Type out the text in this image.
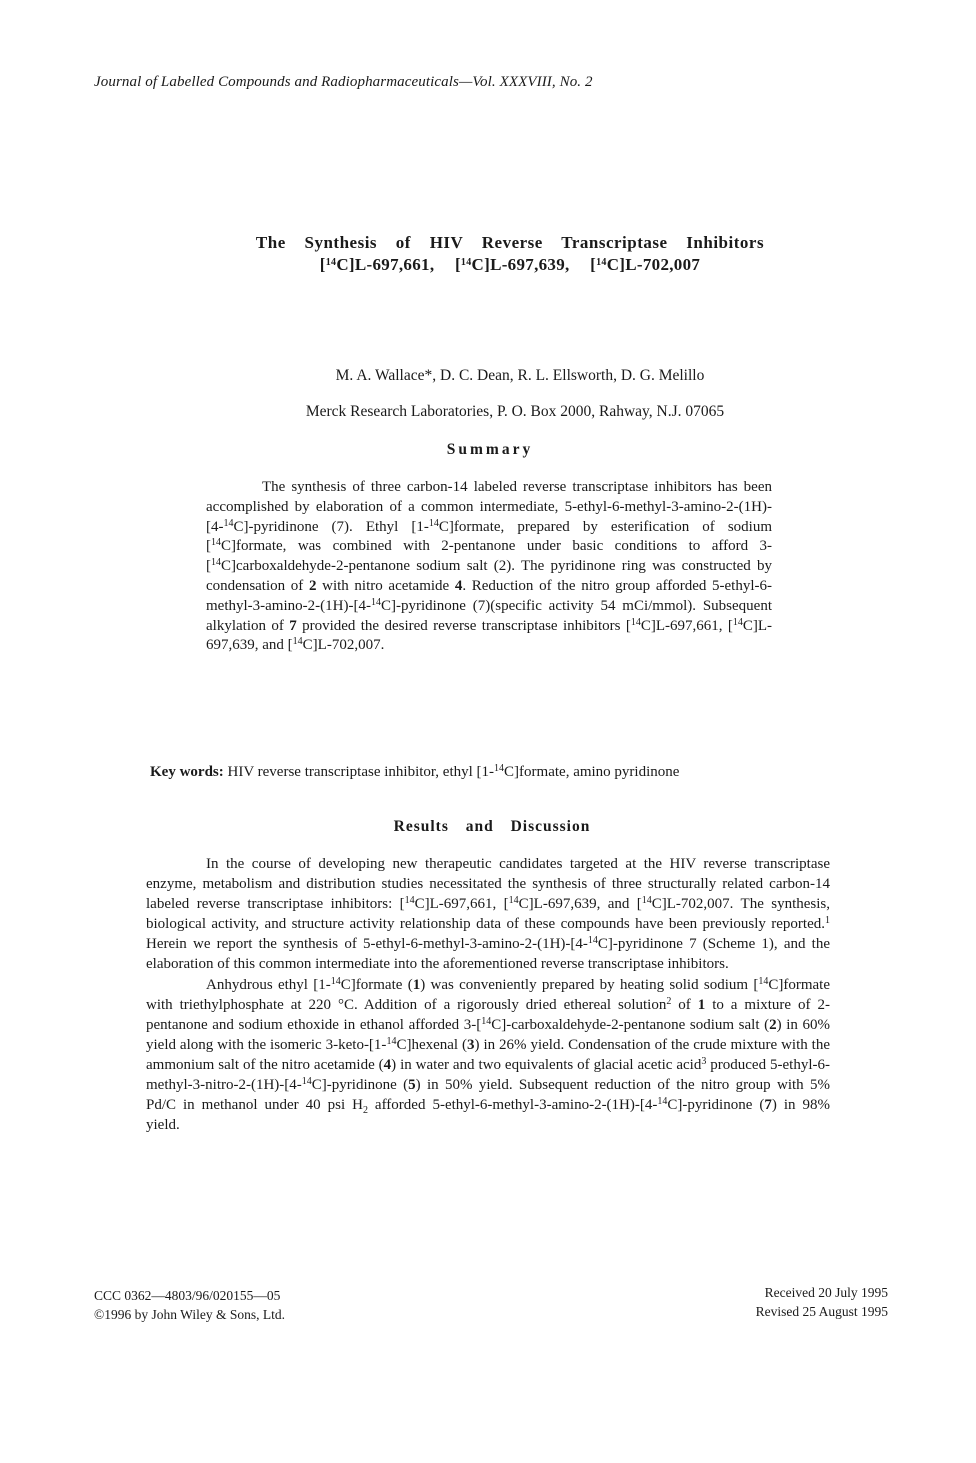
Journal of Labelled Compounds and Radiopharmaceuticals—Vol. XXXVIII, No. 2
The Synthesis of HIV Reverse Transcriptase Inhibitors
[$^{14}$C]L-697,661, [$^{14}$C]L-697,639, [$^{14}$C]L-702,007
M. A. Wallace*, D. C. Dean, R. L. Ellsworth, D. G. Melillo
Merck Research Laboratories, P. O. Box 2000, Rahway, N.J. 07065
Summary

The synthesis of three carbon-14 labeled reverse transcriptase inhibitors has been accomplished by elaboration of a common intermediate, 5-ethyl-6-methyl-3-amino-2-(1H)-[4-$^{14}$C]-pyridinone (7). Ethyl [1-$^{14}$C]formate, prepared by esterification of sodium [$^{14}$C]formate, was combined with 2-pentanone under basic conditions to afford 3-[$^{14}$C]carboxaldehyde-2-pentanone sodium salt (2). The pyridinone ring was constructed by condensation of 2 with nitro acetamide 4. Reduction of the nitro group afforded 5-ethyl-6-methyl-3-amino-2-(1H)-[4-$^{14}$C]-pyridinone (7)(specific activity 54 mCi/mmol). Subsequent alkylation of 7 provided the desired reverse transcriptase inhibitors [$^{14}$C]L-697,661, [$^{14}$C]L-697,639, and [$^{14}$C]L-702,007.

Key words: HIV reverse transcriptase inhibitor, ethyl [1-$^{14}$C]formate, amino pyridinone
Results and Discussion

In the course of developing new therapeutic candidates targeted at the HIV reverse transcriptase enzyme, metabolism and distribution studies necessitated the synthesis of three structurally related carbon-14 labeled reverse transcriptase inhibitors: [$^{14}$C]L-697,661, [$^{14}$C]L-697,639, and [$^{14}$C]L-702,007. The synthesis, biological activity, and structure activity relationship data of these compounds have been previously reported.$^1$ Herein we report the synthesis of 5-ethyl-6-methyl-3-amino-2-(1H)-[4-$^{14}$C]-pyridinone 7 (Scheme 1), and the elaboration of this common intermediate into the aforementioned reverse transcriptase inhibitors.

Anhydrous ethyl [1-$^{14}$C]formate (1) was conveniently prepared by heating solid sodium [$^{14}$C]formate with triethylphosphate at 220 °C. Addition of a rigorously dried ethereal solution$^2$ of 1 to a mixture of 2-pentanone and sodium ethoxide in ethanol afforded 3-[$^{14}$C]-carboxaldehyde-2-pentanone sodium salt (2) in 60% yield along with the isomeric 3-keto-[1-$^{14}$C]hexenal (3) in 26% yield. Condensation of the crude mixture with the ammonium salt of the nitro acetamide (4) in water and two equivalents of glacial acetic acid$^3$ produced 5-ethyl-6-methyl-3-nitro-2-(1H)-[4-$^{14}$C]-pyridinone (5) in 50% yield. Subsequent reduction of the nitro group with 5% Pd/C in methanol under 40 psi $H_2$ afforded 5-ethyl-6-methyl-3-amino-2-(1H)-[4-$^{14}$C]-pyridinone (7) in 98% yield.

CCC 0362—4803/96/020155—05
©1996 by John Wiley & Sons, Ltd.
Received 20 July 1995
Revised 25 August 1995
